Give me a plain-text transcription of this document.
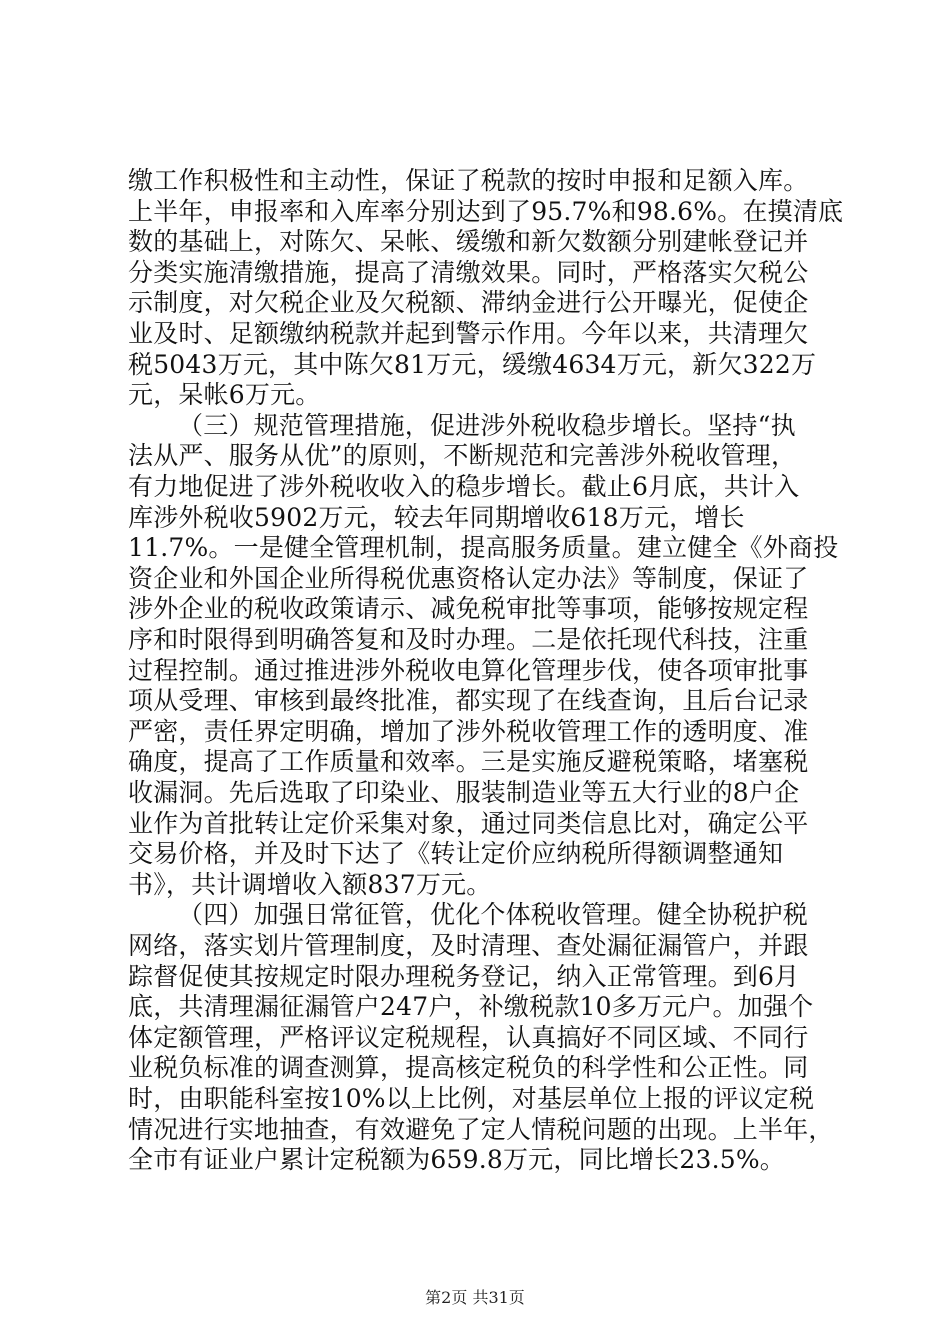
缴工作积极性和主动性，保证了税款的按时申报和足额入库。
上半年，申报率和入库率分别达到了95.7%和98.6%。在摸清底
数的基础上，对陈欠、呆帐、缓缴和新欠数额分别建帐登记并
分类实施清缴措施，提高了清缴效果。同时，严格落实欠税公
示制度，对欠税企业及欠税额、滞纳金进行公开曝光，促使企
业及时、足额缴纳税款并起到警示作用。今年以来，共清理欠
税5043万元，其中陈欠81万元，缓缴4634万元，新欠322万
元，呆帐6万元。
（三）规范管理措施，促进涉外税收稳步增长。坚持“执
法从严、服务从优”的原则，不断规范和完善涉外税收管理，
有力地促进了涉外税收收入的稳步增长。截止6月底，共计入
库涉外税收5902万元，较去年同期增收618万元，增长
11.7%。一是健全管理机制，提高服务质量。建立健全《外商投
资企业和外国企业所得税优惠资格认定办法》等制度，保证了
涉外企业的税收政策请示、减免税审批等事项，能够按规定程
序和时限得到明确答复和及时办理。二是依托现代科技，注重
过程控制。通过推进涉外税收电算化管理步伐，使各项审批事
项从受理、审核到最终批准，都实现了在线查询，且后台记录
严密，责任界定明确，增加了涉外税收管理工作的透明度、准
确度，提高了工作质量和效率。三是实施反避税策略，堵塞税
收漏洞。先后选取了印染业、服装制造业等五大行业的8户企
业作为首批转让定价采集对象，通过同类信息比对，确定公平
交易价格，并及时下达了《转让定价应纳税所得额调整通知
书》，共计调增收入额837万元。
（四）加强日常征管，优化个体税收管理。健全协税护税
网络，落实划片管理制度，及时清理、查处漏征漏管户，并跟
踪督促使其按规定时限办理税务登记，纳入正常管理。到6月
底，共清理漏征漏管户247户，补缴税款10多万元户。加强个
体定额管理，严格评议定税规程，认真搞好不同区域、不同行
业税负标准的调查测算，提高核定税负的科学性和公正性。同
时，由职能科室按10%以上比例，对基层单位上报的评议定税
情况进行实地抽查，有效避免了定人情税问题的出现。上半年，
全市有证业户累计定税额为659.8万元，同比增长23.5%。
第2页 共31页
